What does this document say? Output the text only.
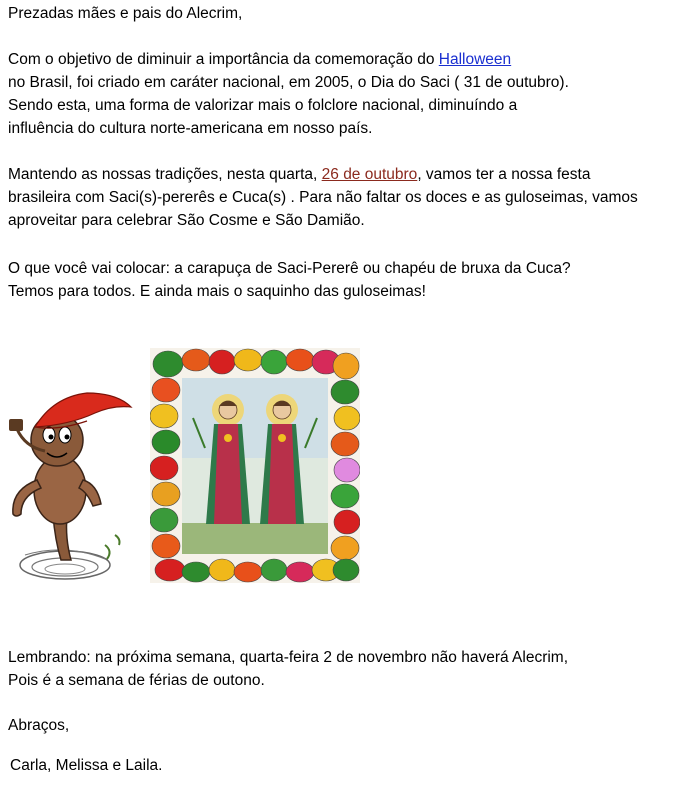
Prezadas mães e pais do Alecrim,
Com o objetivo de diminuir a importância da comemoração do Halloween
no Brasil, foi criado em caráter nacional, em 2005, o Dia do Saci ( 31 de outubro).
Sendo esta, uma forma de valorizar mais o folclore nacional, diminuíndo a
influência do cultura norte-americana em nosso país.
Mantendo as nossas tradições, nesta quarta, 26 de outubro, vamos ter a nossa festa
brasileira com Saci(s)-pererês e Cuca(s) . Para não faltar os doces e as guloseimas, vamos
aproveitar para celebrar São Cosme e São Damião.
O que você vai colocar: a carapuça de Saci-Pererê ou chapéu de bruxa da Cuca?
Temos para todos. E ainda mais o saquinho das guloseimas!
Lembrando: na próxima semana, quarta-feira 2 de novembro não haverá Alecrim,
Pois é a semana de férias de outono.
Abraços,
Carla, Melissa e Laila.
